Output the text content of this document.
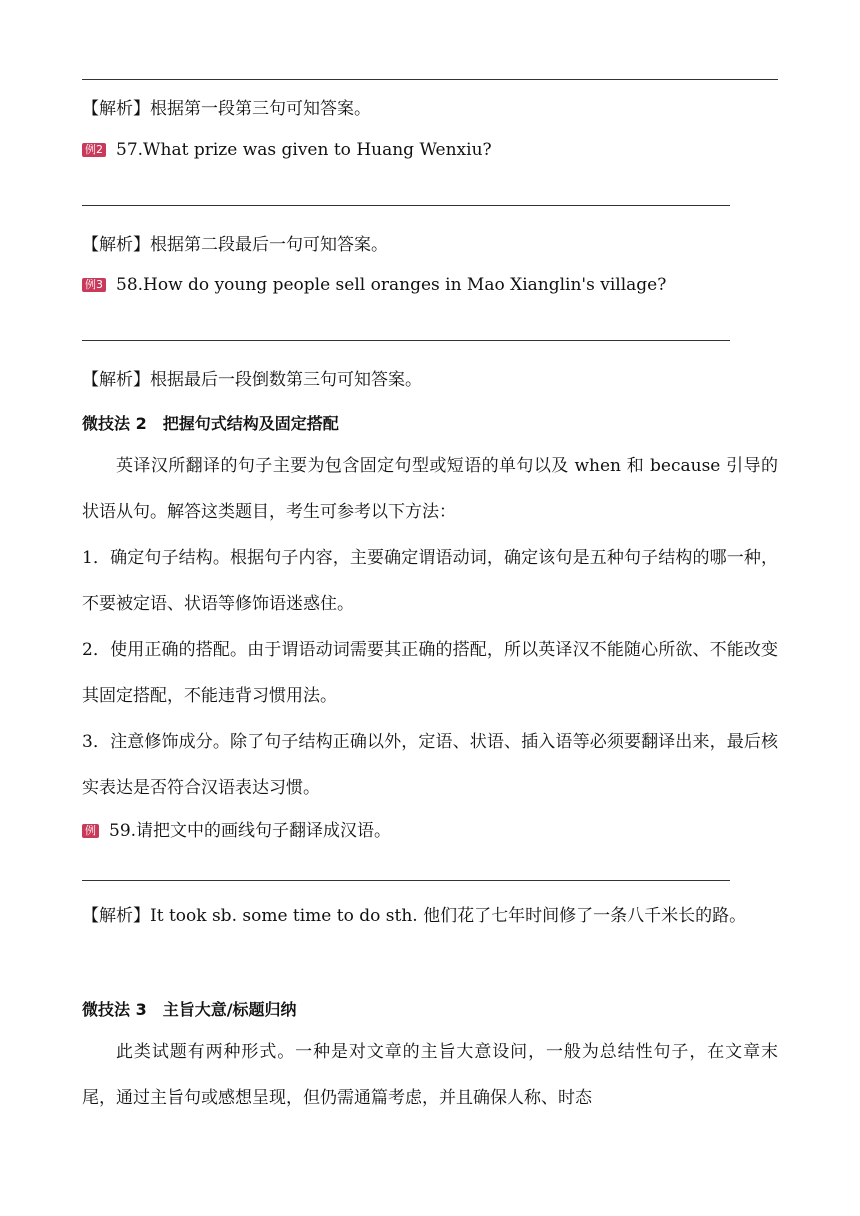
【解析】根据第一段第三句可知答案。
例2 57.What prize was given to Huang Wenxiu?
【解析】根据第二段最后一句可知答案。
例3 58.How do young people sell oranges in Mao Xianglin's village?
【解析】根据最后一段倒数第三句可知答案。
微技法 2　把握句式结构及固定搭配
英译汉所翻译的句子主要为包含固定句型或短语的单句以及 when 和 because 引导的状语从句。解答这类题目，考生可参考以下方法：
1．确定句子结构。根据句子内容，主要确定谓语动词，确定该句是五种句子结构的哪一种，不要被定语、状语等修饰语迷惑住。
2．使用正确的搭配。由于谓语动词需要其正确的搭配，所以英译汉不能随心所欲、不能改变其固定搭配，不能违背习惯用法。
3．注意修饰成分。除了句子结构正确以外，定语、状语、插入语等必须要翻译出来，最后核实表达是否符合汉语表达习惯。
例 59.请把文中的画线句子翻译成汉语。
【解析】It took sb. some time to do sth. 他们花了七年时间修了一条八千米长的路。
微技法 3　主旨大意/标题归纳
此类试题有两种形式。一种是对文章的主旨大意设问，一般为总结性句子，在文章末尾，通过主旨句或感想呈现，但仍需通篇考虑，并且确保人称、时态
